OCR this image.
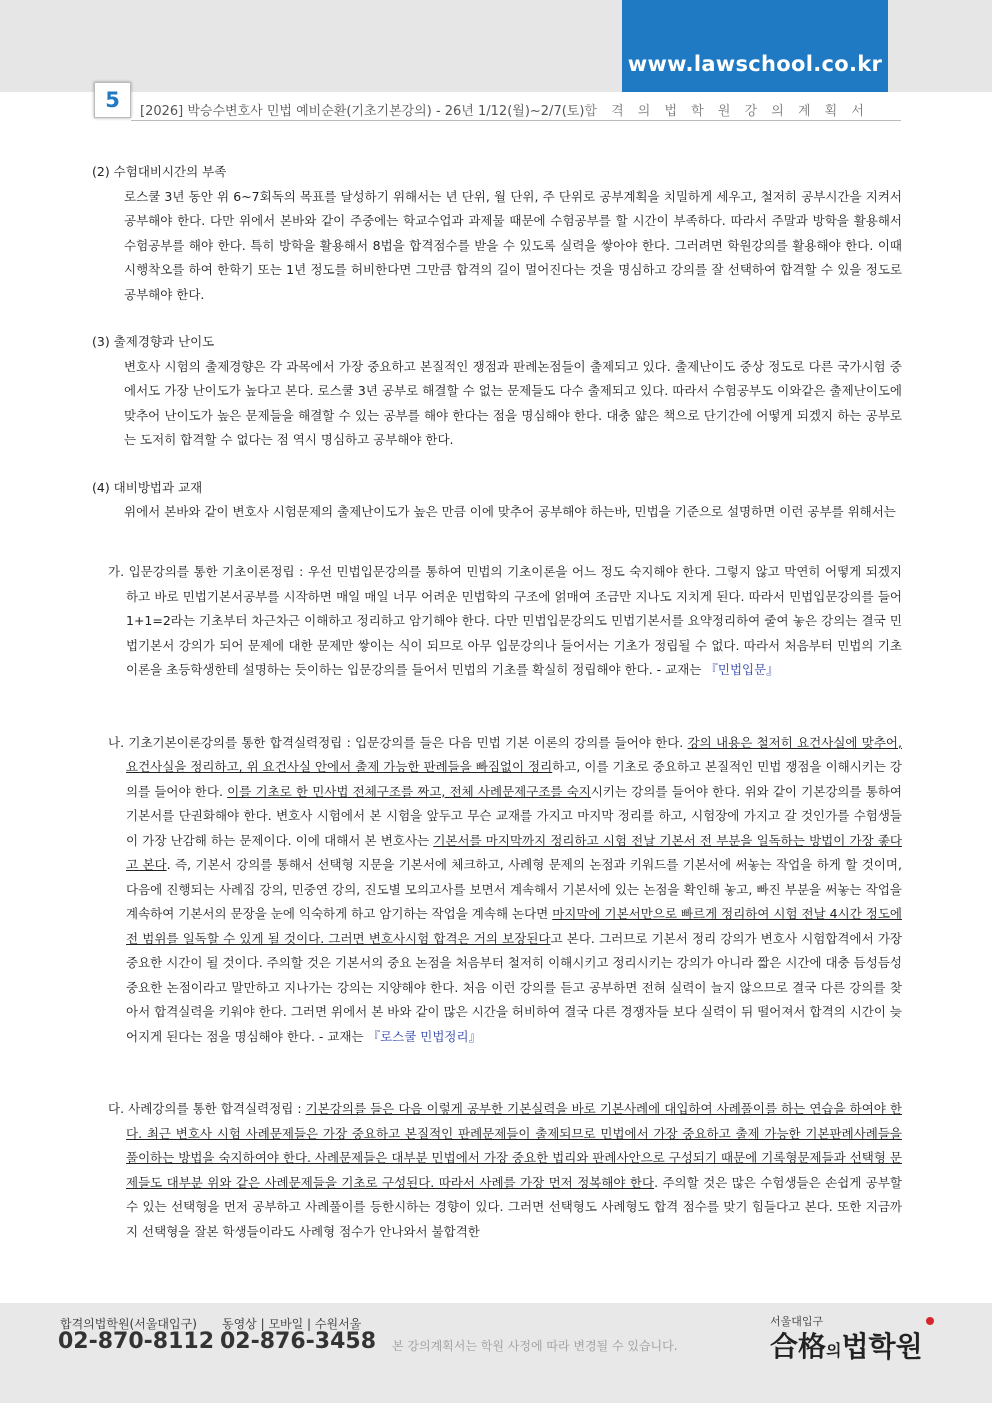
www.lawschool.co.kr
5	[2026] 박승수변호사 민법 예비순환(기초기본강의) - 26년 1/12(월)~2/7(토)합 격 의 법 학 원 강 의 계 획 서

(2) 수험대비시간의 부족

로스쿨 3년 동안 위 6~7회독의 목표를 달성하기 위해서는 년 단위, 월 단위, 주 단위로 공부계획을 치밀하게 세우고, 철저히 공부시간을 지켜서 공부해야 한다. 다만 위에서 본바와 같이 주중에는 학교수업과 과제물 때문에 수험공부를 할 시간이 부족하다. 따라서 주말과 방학을 활용해서 수험공부를 해야 한다. 특히 방학을 활용해서 8법을 합격점수를 받을 수 있도록 실력을 쌓아야 한다. 그러려면 학원강의를 활용해야 한다. 이때 시행착오를 하여 한학기 또는 1년 정도를 허비한다면 그만큼 합격의 길이 멀어진다는 것을 명심하고 강의를 잘 선택하여 합격할 수 있을 정도로 공부해야 한다.

(3) 출제경향과 난이도

변호사 시험의 출제경향은 각 과목에서 가장 중요하고 본질적인 쟁점과 판례논점들이 출제되고 있다. 출제난이도 중상 정도로 다른 국가시험 중에서도 가장 난이도가 높다고 본다. 로스쿨 3년 공부로 해결할 수 없는 문제들도 다수 출제되고 있다. 따라서 수험공부도 이와같은 출제난이도에 맞추어 난이도가 높은 문제들을 해결할 수 있는 공부를 해야 한다는 점을 명심해야 한다. 대충 얇은 책으로 단기간에 어떻게 되겠지 하는 공부로는 도저히 합격할 수 없다는 점 역시 명심하고 공부해야 한다.

(4) 대비방법과 교재

위에서 본바와 같이 변호사 시험문제의 출제난이도가 높은 만큼 이에 맞추어 공부해야 하는바, 민법을 기준으로 설명하면 이런 공부를 위해서는

가. 입문강의를 통한 기초이론정립 : 우선 민법입문강의를 통하여 민법의 기초이론을 어느 정도 숙지해야 한다. 그렇지 않고 막연히 어떻게 되겠지 하고 바로 민법기본서공부를 시작하면 매일 매일 너무 어려운 민법학의 구조에 얽매여 조금만 지나도 지치게 된다. 따라서 민법입문강의를 들어 1+1=2라는 기초부터 차근차근 이해하고 정리하고 암기해야 한다. 다만 민법입문강의도 민법기본서를 요약정리하여 줄여 놓은 강의는 결국 민법기본서 강의가 되어 문제에 대한 문제만 쌓이는 식이 되므로 아무 입문강의나 들어서는 기초가 정립될 수 없다. 따라서 처음부터 민법의 기초이론을 초등학생한테 설명하는 듯이하는 입문강의를 들어서 민법의 기초를 확실히 정립해야 한다. - 교재는 『민법입문』

나. 기초기본이론강의를 통한 합격실력정립 : 입문강의를 들은 다음 민법 기본 이론의 강의를 들어야 한다. 강의 내용은 철저히 요건사실에 맞추어, 요건사실을 정리하고, 위 요건사실 안에서 출제 가능한 판례들을 빠짐없이 정리하고, 이를 기초로 중요하고 본질적인 민법 쟁점을 이해시키는 강의를 들어야 한다. 이를 기초로 한 민사법 전체구조를 짜고, 전체 사례문제구조를 숙지시키는 강의를 들어야 한다. 위와 같이 기본강의를 통하여 기본서를 단권화해야 한다. 변호사 시험에서 본 시험을 앞두고 무슨 교재를 가지고 마지막 정리를 하고, 시험장에 가지고 갈 것인가를 수험생들이 가장 난감해 하는 문제이다. 이에 대해서 본 변호사는 기본서를 마지막까지 정리하고 시험 전날 기본서 전 부분을 일독하는 방법이 가장 좋다고 본다. 즉, 기본서 강의를 통해서 선택형 지문을 기본서에 체크하고, 사례형 문제의 논점과 키워드를 기본서에 써놓는 작업을 하게 할 것이며, 다음에 진행되는 사례집 강의, 민중연 강의, 진도별 모의고사를 보면서 계속해서 기본서에 있는 논점을 확인해 놓고, 빠진 부분을 써놓는 작업을 계속하여 기본서의 문장을 눈에 익숙하게 하고 암기하는 작업을 계속해 논다면 마지막에 기본서만으로 빠르게 정리하여 시험 전날 4시간 정도에 전 범위를 일독할 수 있게 될 것이다. 그러면 변호사시험 합격은 거의 보장된다고 본다. 그러므로 기본서 정리 강의가 변호사 시험합격에서 가장 중요한 시간이 될 것이다. 주의할 것은 기본서의 중요 논점을 처음부터 철저히 이해시키고 정리시키는 강의가 아니라 짧은 시간에 대충 듬성듬성 중요한 논점이라고 말만하고 지나가는 강의는 지양해야 한다. 처음 이런 강의를 듣고 공부하면 전혀 실력이 늘지 않으므로 결국 다른 강의를 찾아서 합격실력을 키워야 한다. 그러면 위에서 본 바와 같이 많은 시간을 허비하여 결국 다른 경쟁자들 보다 실력이 뒤 떨어져서 합격의 시간이 늦어지게 된다는 점을 명심해야 한다. - 교재는 『로스쿨 민법정리』

다. 사례강의를 통한 합격실력정립 : 기본강의를 들은 다음 이렇게 공부한 기본실력을 바로 기본사례에 대입하여 사례풀이를 하는 연습을 하여야 한다. 최근 변호사 시험 사례문제들은 가장 중요하고 본질적인 판례문제들이 출제되므로 민법에서 가장 중요하고 출제 가능한 기본판례사례들을 풀이하는 방법을 숙지하여야 한다. 사례문제들은 대부분 민법에서 가장 중요한 법리와 판례사안으로 구성되기 때문에 기록형문제들과 선택형 문제들도 대부분 위와 같은 사례문제들을 기초로 구성된다. 따라서 사례를 가장 먼저 정복해야 한다. 주의할 것은 많은 수험생들은 손쉽게 공부할 수 있는 선택형을 먼저 공부하고 사례풀이를 등한시하는 경향이 있다. 그러면 선택형도 사례형도 합격 점수를 맞기 힘들다고 본다. 또한 지금까지 선택형을 잘본 학생들이라도 사례형 점수가 안나와서 불합격한

합격의법학원(서울대입구)
02-870-8112
동영상 | 모바일 | 수원서울
02-876-3458 본 강의계획서는 학원 사정에 따라 변경될 수 있습니다.
서울대입구
合格의법학원
